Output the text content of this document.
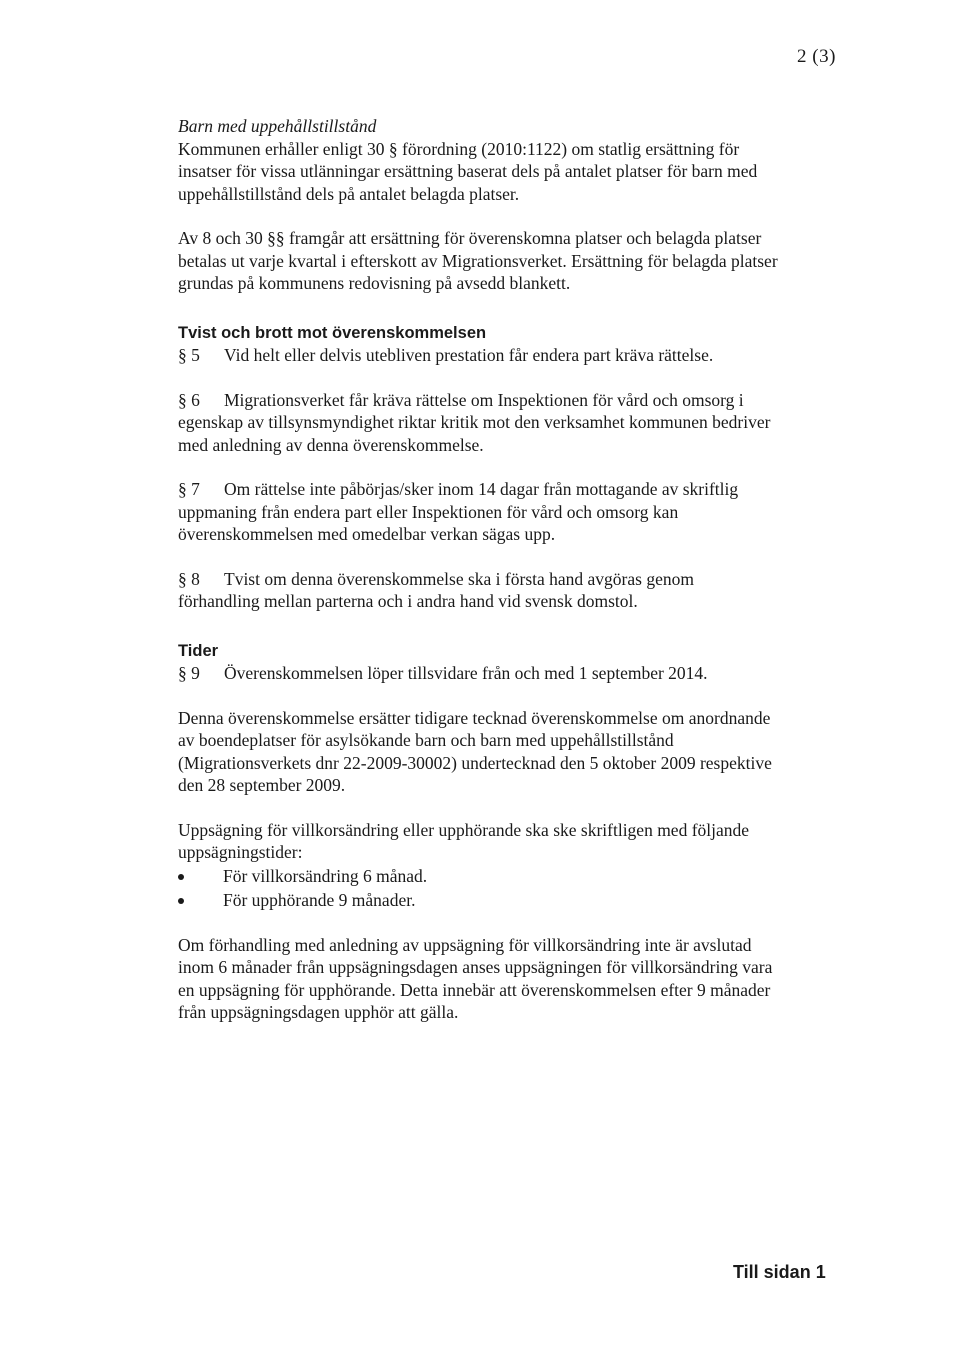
2 (3)

Barn med uppehållstillstånd

Kommunen erhåller enligt 30 § förordning (2010:1122) om statlig ersättning för insatser för vissa utlänningar ersättning baserat dels på antalet platser för barn med uppehållstillstånd dels på antalet belagda platser.

Av 8 och 30 §§ framgår att ersättning för överenskomna platser och belagda platser betalas ut varje kvartal i efterskott av Migrationsverket. Ersättning för belagda platser grundas på kommunens redovisning på avsedd blankett.

Tvist och brott mot överenskommelsen

§ 5 Vid helt eller delvis utebliven prestation får endera part kräva rättelse.

§ 6 Migrationsverket får kräva rättelse om Inspektionen för vård och omsorg i egenskap av tillsynsmyndighet riktar kritik mot den verksamhet kommunen bedriver med anledning av denna överenskommelse.

§ 7 Om rättelse inte påbörjas/sker inom 14 dagar från mottagande av skriftlig uppmaning från endera part eller Inspektionen för vård och omsorg kan överenskommelsen med omedelbar verkan sägas upp.

§ 8 Tvist om denna överenskommelse ska i första hand avgöras genom förhandling mellan parterna och i andra hand vid svensk domstol.

Tider

§ 9 Överenskommelsen löper tillsvidare från och med 1 september 2014.

Denna överenskommelse ersätter tidigare tecknad överenskommelse om anordnande av boendeplatser för asylsökande barn och barn med uppehållstillstånd (Migrationsverkets dnr 22-2009-30002) undertecknad den 5 oktober 2009 respektive den 28 september 2009.

Uppsägning för villkorsändring eller upphörande ska ske skriftligen med följande uppsägningstider:

För villkorsändring 6 månad.
För upphörande 9 månader.

Om förhandling med anledning av uppsägning för villkorsändring inte är avslutad inom 6 månader från uppsägningsdagen anses uppsägningen för villkorsändring vara en uppsägning för upphörande. Detta innebär att överenskommelsen efter 9 månader från uppsägningsdagen upphör att gälla.

Till sidan 1
